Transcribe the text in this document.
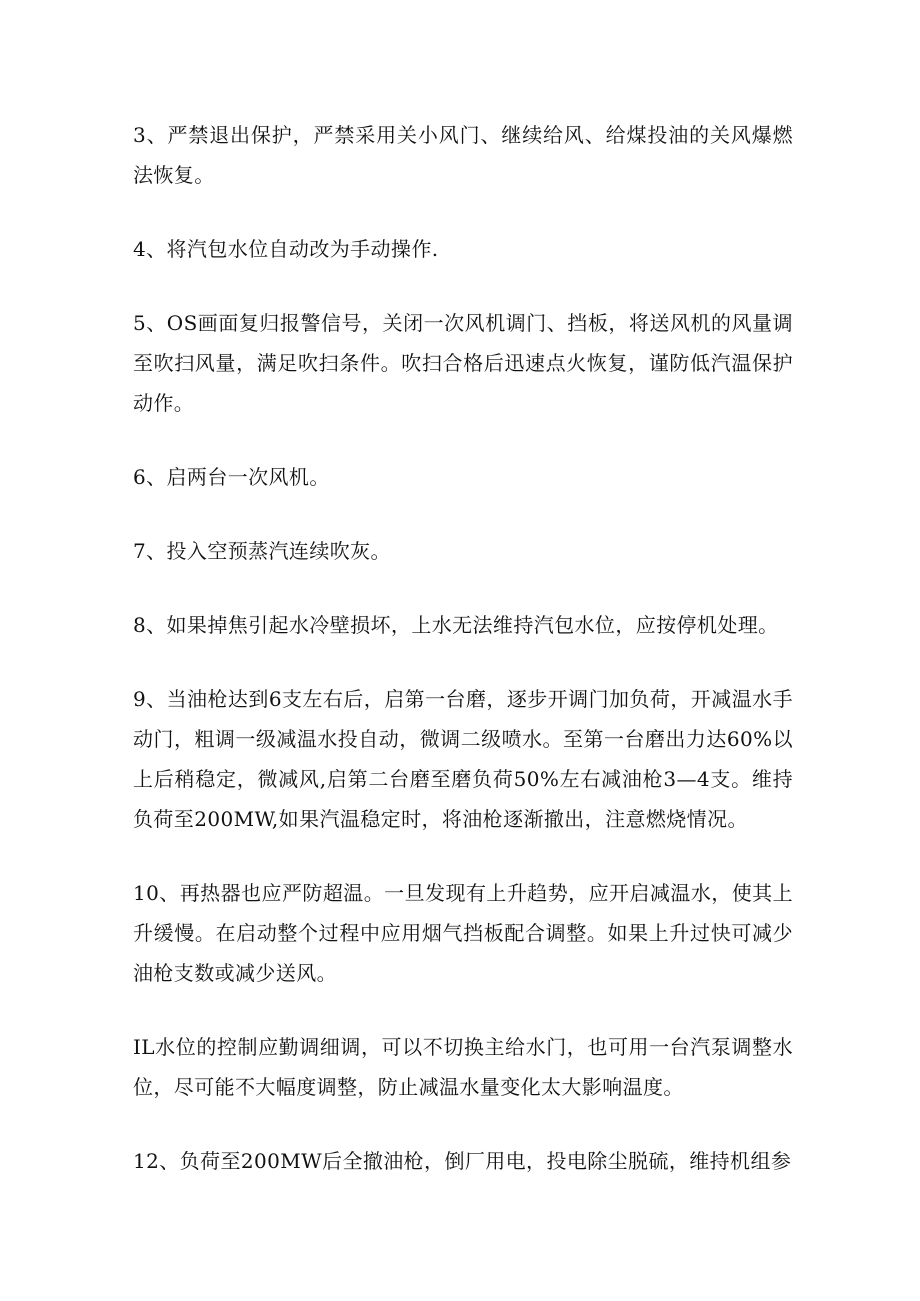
3、严禁退出保护，严禁采用关小风门、继续给风、给煤投油的关风爆燃法恢复。

4、将汽包水位自动改为手动操作.

5、OS画面复归报警信号，关闭一次风机调门、挡板，将送风机的风量调至吹扫风量，满足吹扫条件。吹扫合格后迅速点火恢复，谨防低汽温保护动作。

6、启两台一次风机。

7、投入空预蒸汽连续吹灰。

8、如果掉焦引起水冷壁损坏，上水无法维持汽包水位，应按停机处理。

9、当油枪达到6支左右后，启第一台磨，逐步开调门加负荷，开减温水手动门，粗调一级减温水投自动，微调二级喷水。至第一台磨出力达60%以上后稍稳定，微减风,启第二台磨至磨负荷50%左右减油枪3—4支。维持负荷至200MW,如果汽温稳定时，将油枪逐渐撤出，注意燃烧情况。

10、再热器也应严防超温。一旦发现有上升趋势，应开启减温水，使其上升缓慢。在启动整个过程中应用烟气挡板配合调整。如果上升过快可减少油枪支数或减少送风。

IL水位的控制应勤调细调，可以不切换主给水门，也可用一台汽泵调整水位，尽可能不大幅度调整，防止减温水量变化太大影响温度。

12、负荷至200MW后全撤油枪，倒厂用电，投电除尘脱硫，维持机组参
